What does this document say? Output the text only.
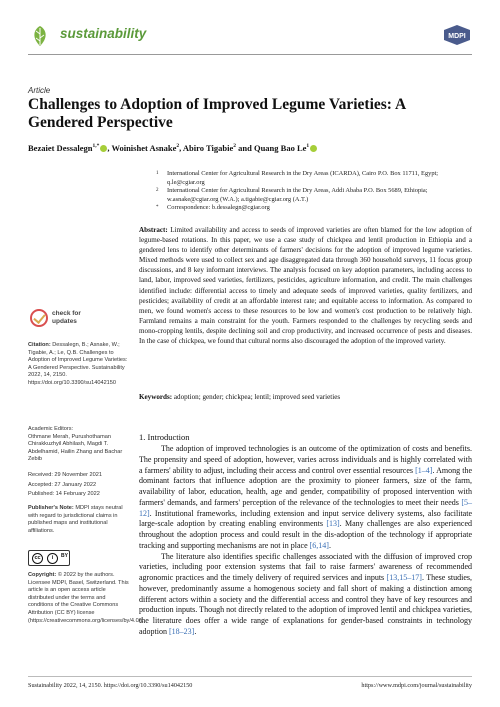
sustainability	MDPI
Article
Challenges to Adoption of Improved Legume Varieties: A Gendered Perspective
Bezaiet Dessalegn$^{1,*}$ , Woinishet Asnake$^2$, Abiro Tigabie$^2$ and Quang Bao Le$^1$
1 International Center for Agricultural Research in the Dry Areas (ICARDA), Cairo P.O. Box 11711, Egypt; q.le@cgiar.org
2 International Center for Agricultural Research in the Dry Areas, Addi Ababa P.O. Box 5689, Ethiopia; w.asnake@cgiar.org (W.A.); a.tigabie@cgiar.org (A.T.)
* Correspondence: b.dessalegn@cgiar.org
Abstract: Limited availability and access to seeds of improved varieties are often blamed for the low adoption of legume-based rotations. In this paper, we use a case study of chickpea and lentil production in Ethiopia and a gendered lens to identify other determinants of farmers' decisions for the adoption of improved legume varieties. Mixed methods were used to collect sex and age disaggregated data through 360 household surveys, 11 focus group discussions, and 8 key informant interviews. The analysis focused on key adoption parameters, including access to land, labor, improved seed varieties, fertilizers, pesticides, agriculture information, and credit. The main challenges identified include: differential access to timely and adequate seeds of improved varieties, quality fertilizers, and pesticides; availability of credit at an affordable interest rate; and equitable access to information. As compared to men, we found women's access to these resources to be low and women's cost production to be relatively high. Farmland remains a main constraint for the youth. Farmers responded to the challenges by recycling seeds and mono-cropping lentils, despite declining soil and crop productivity, and increased occurrence of pests and diseases. In the case of chickpea, we found that cultural norms also discouraged the adoption of the improved variety.
Keywords: adoption; gender; chickpea; lentil; improved seed varieties
check for
updates
Citation: Dessalegn, B.; Asnake, W.; Tigabie, A.; Le, Q.B. Challenges to Adoption of Improved Legume Varieties: A Gendered Perspective. Sustainability 2022, 14, 2150. https://doi.org/10.3390/su14042150
Academic Editors:
Othmane Merah, Purushothaman Chirakkuzhyil Abhilash, Magdi T. Abdelhamid, Hailin Zhang and Bachar Zebib
Received: 29 November 2021
Accepted: 27 January 2022
Published: 14 February 2022
Publisher's Note: MDPI stays neutral with regard to jurisdictional claims in published maps and institutional affiliations.
cc	i	BY
Copyright: © 2022 by the authors. Licensee MDPI, Basel, Switzerland. This article is an open access article distributed under the terms and conditions of the Creative Commons Attribution (CC BY) license (https://creativecommons.org/licenses/by/4.0/).
1. Introduction

The adoption of improved technologies is an outcome of the optimization of costs and benefits. The propensity and speed of adoption, however, varies across individuals and is highly correlated with a farmers' ability to adjust, including their access and control over essential resources [1–4]. Among the dominant factors that influence adoption are the proximity to pioneer farmers, size of the farm, availability of labor, education, health, age and gender, compatibility of proposed intervention with farmers' demands, and farmers' perception of the relevance of the technologies to meet their needs [5–12]. Institutional frameworks, including extension and input service delivery systems, also facilitate large-scale adoption by creating enabling environments [13]. Many challenges are also experienced throughout the adoption process and could result in the dis-adoption of the technology if appropriate tracking and supporting mechanisms are not in place [6,14].

The literature also identifies specific challenges associated with the diffusion of improved crop varieties, including poor extension systems that fail to raise farmers' awareness of recommended agronomic practices and the timely delivery of required services and inputs [13,15–17]. These studies, however, predominantly assume a homogenous society and fall short of making a distinction among different actors within a society and the differential access and control they have of key resources and production inputs. Though not directly related to the adoption of improved lentil and chickpea varieties, the literature does offer a wide range of explanations for gender-based constraints in technology adoption [18–23].

Sustainability 2022, 14, 2150. https://doi.org/10.3390/su14042150	https://www.mdpi.com/journal/sustainability
